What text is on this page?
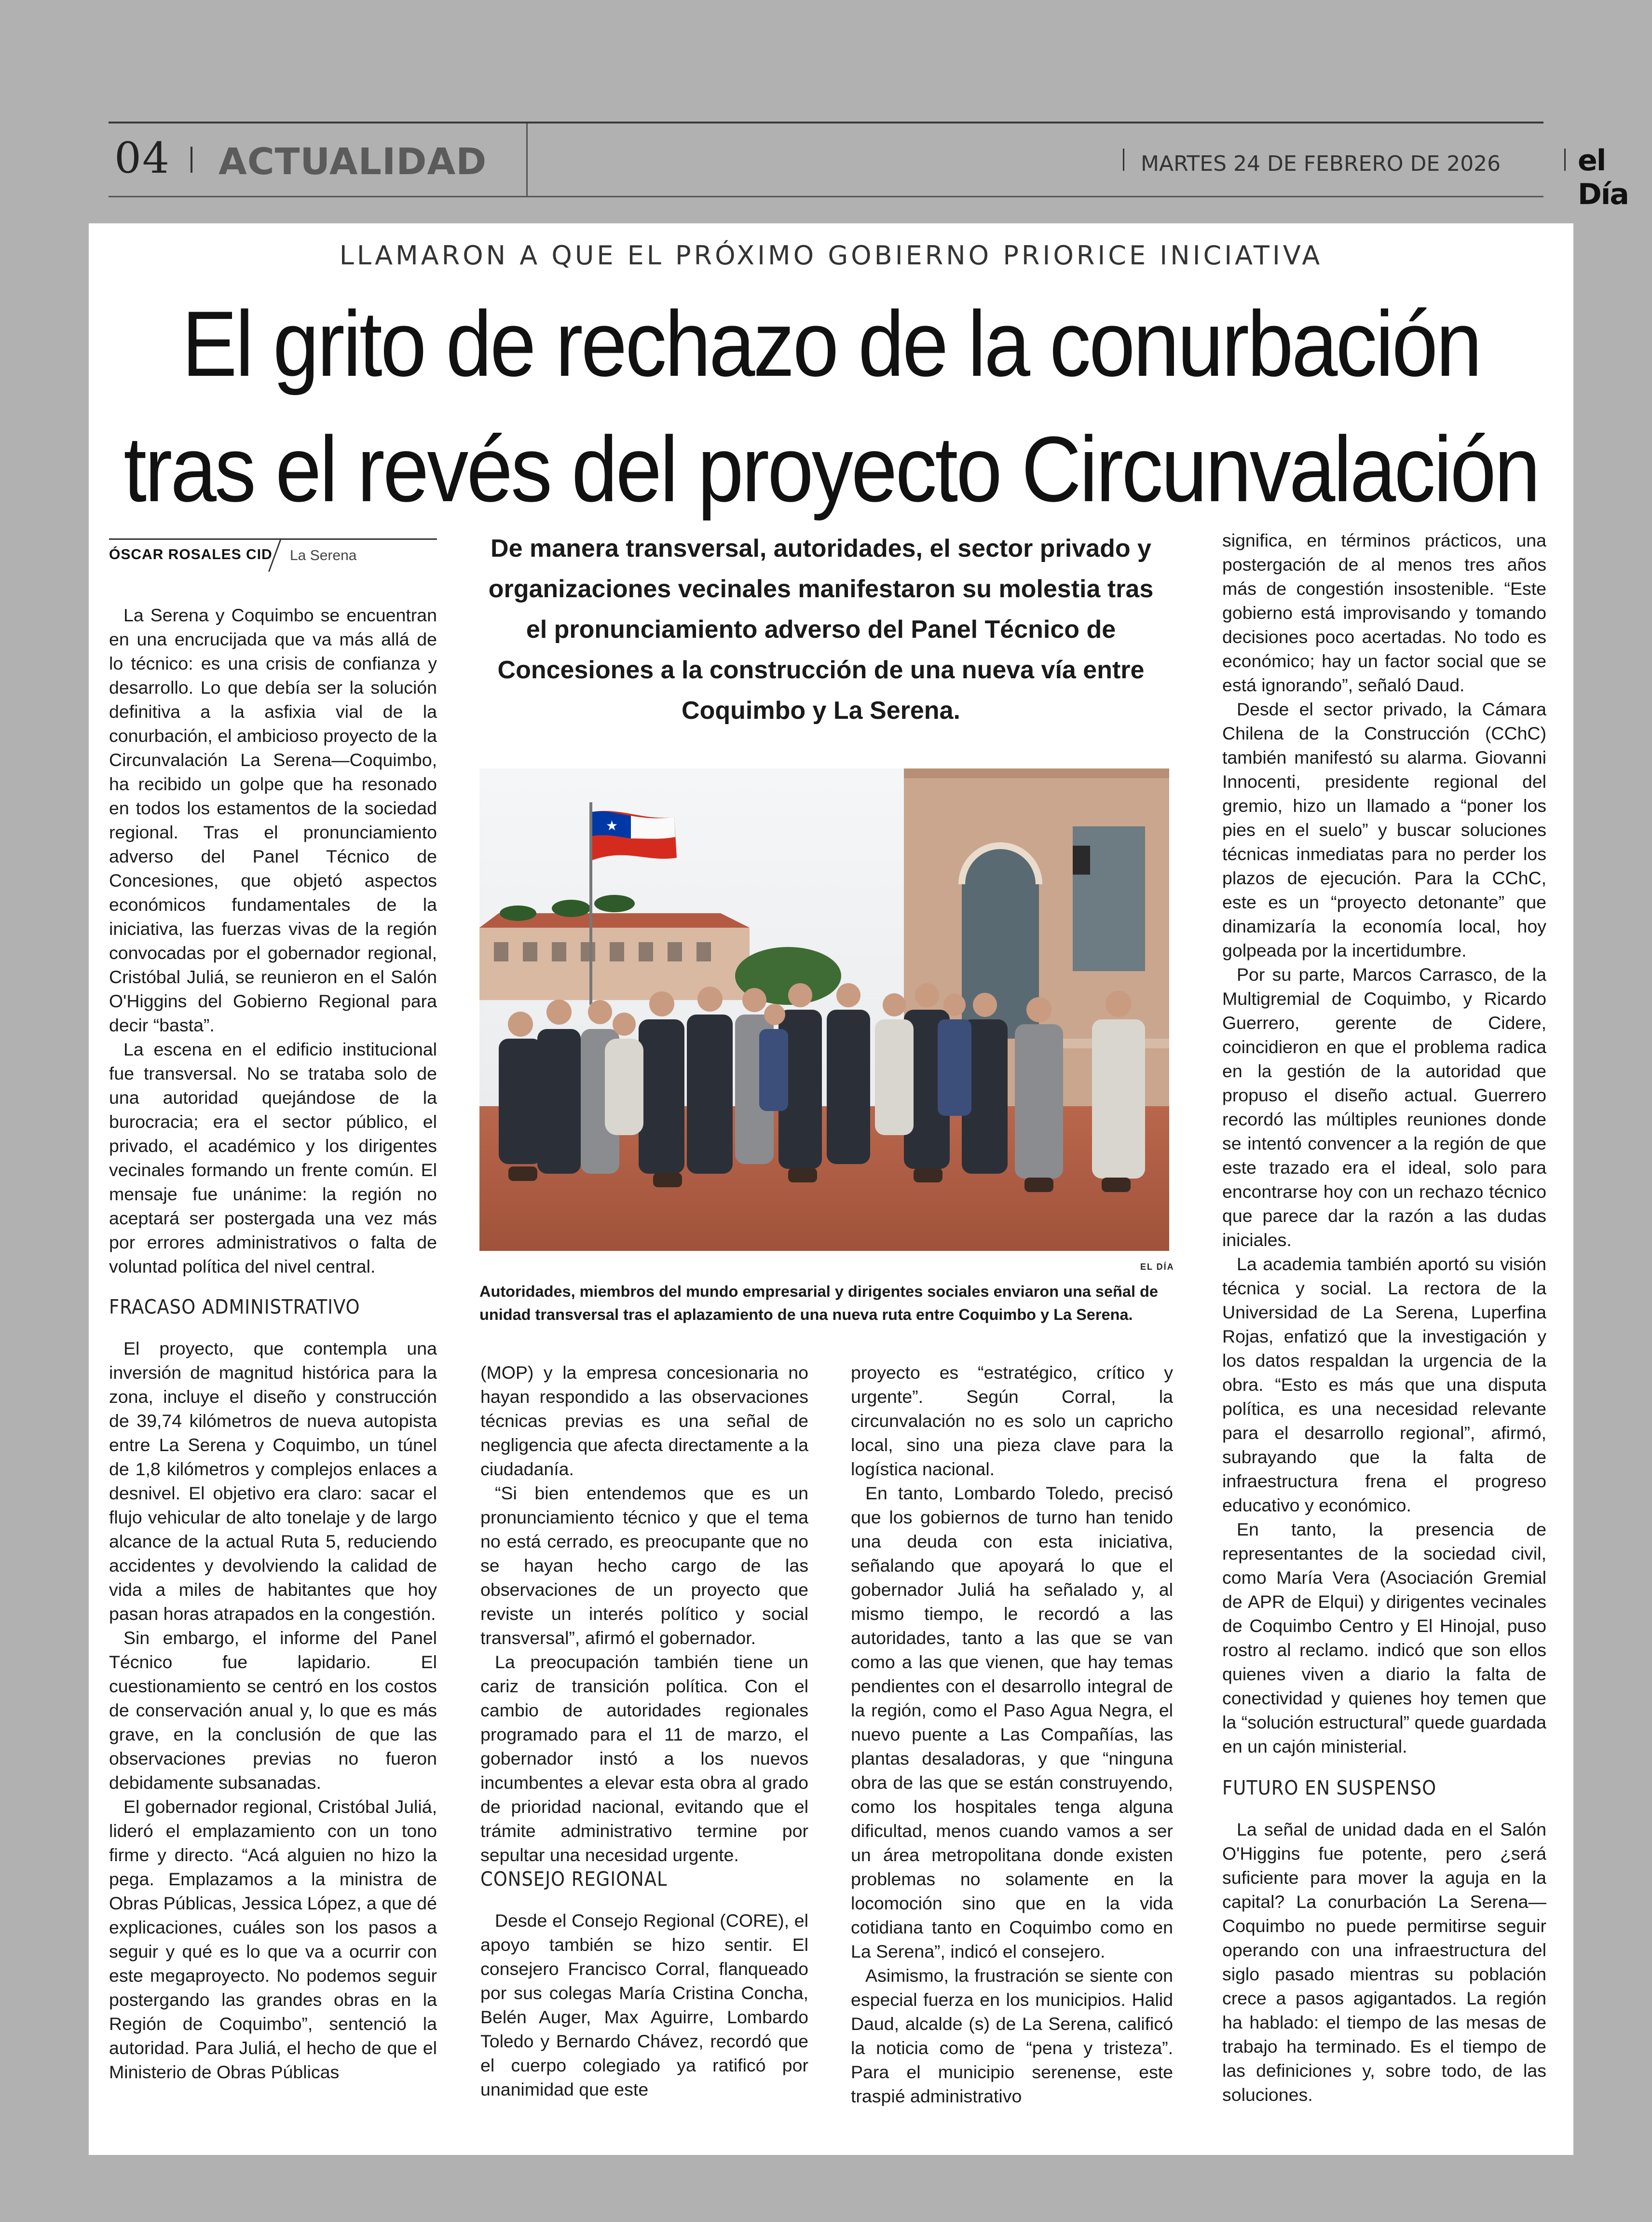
04 ACTUALIDAD	MARTES 24 DE FEBRERO DE 2026	el Día
LLAMARON A QUE EL PRÓXIMO GOBIERNO PRIORICE INICIATIVA
El grito de rechazo de la conurbación
tras el revés del proyecto Circunvalación
ÓSCAR ROSALES CID La Serena

La Serena y Coquimbo se encuentran en una encrucijada que va más allá de lo técnico: es una crisis de confianza y desarrollo. Lo que debía ser la solución definitiva a la asfixia vial de la conurbación, el ambicioso proyecto de la Circunvalación La Serena—Coquimbo, ha recibido un golpe que ha resonado en todos los estamentos de la sociedad regional. Tras el pronunciamiento adverso del Panel Técnico de Concesiones, que objetó aspectos económicos fundamentales de la iniciativa, las fuerzas vivas de la región convocadas por el gobernador regional, Cristóbal Juliá, se reunieron en el Salón O'Higgins del Gobierno Regional para decir “basta”.

La escena en el edificio institucional fue transversal. No se trataba solo de una autoridad quejándose de la burocracia; era el sector público, el privado, el académico y los dirigentes vecinales formando un frente común. El mensaje fue unánime: la región no aceptará ser postergada una vez más por errores administrativos o falta de voluntad política del nivel central.

FRACASO ADMINISTRATIVO

El proyecto, que contempla una inversión de magnitud histórica para la zona, incluye el diseño y construcción de 39,74 kilómetros de nueva autopista entre La Serena y Coquimbo, un túnel de 1,8 kilómetros y complejos enlaces a desnivel. El objetivo era claro: sacar el flujo vehicular de alto tonelaje y de largo alcance de la actual Ruta 5, reduciendo accidentes y devolviendo la calidad de vida a miles de habitantes que hoy pasan horas atrapados en la congestión.

Sin embargo, el informe del Panel Técnico fue lapidario. El cuestionamiento se centró en los costos de conservación anual y, lo que es más grave, en la conclusión de que las observaciones previas no fueron debidamente subsanadas.

El gobernador regional, Cristóbal Juliá, lideró el emplazamiento con un tono firme y directo. “Acá alguien no hizo la pega. Emplazamos a la ministra de Obras Públicas, Jessica López, a que dé explicaciones, cuáles son los pasos a seguir y qué es lo que va a ocurrir con este megaproyecto. No podemos seguir postergando las grandes obras en la Región de Coquimbo”, sentenció la autoridad. Para Juliá, el hecho de que el Ministerio de Obras Públicas

De manera transversal, autoridades, el sector privado y organizaciones vecinales manifestaron su molestia tras el pronunciamiento adverso del Panel Técnico de Concesiones a la construcción de una nueva vía entre Coquimbo y La Serena.
★
EL DÍA
Autoridades, miembros del mundo empresarial y dirigentes sociales enviaron una señal de unidad transversal tras el aplazamiento de una nueva ruta entre Coquimbo y La Serena.

(MOP) y la empresa concesionaria no hayan respondido a las observaciones técnicas previas es una señal de negligencia que afecta directamente a la ciudadanía.

“Si bien entendemos que es un pronunciamiento técnico y que el tema no está cerrado, es preocupante que no se hayan hecho cargo de las observaciones de un proyecto que reviste un interés político y social transversal”, afirmó el gobernador.

La preocupación también tiene un cariz de transición política. Con el cambio de autoridades regionales programado para el 11 de marzo, el gobernador instó a los nuevos incumbentes a elevar esta obra al grado de prioridad nacional, evitando que el trámite administrativo termine por sepultar una necesidad urgente.

CONSEJO REGIONAL

Desde el Consejo Regional (CORE), el apoyo también se hizo sentir. El consejero Francisco Corral, flanqueado por sus colegas María Cristina Concha, Belén Auger, Max Aguirre, Lombardo Toledo y Bernardo Chávez, recordó que el cuerpo colegiado ya ratificó por unanimidad que este

proyecto es “estratégico, crítico y urgente”. Según Corral, la circunvalación no es solo un capricho local, sino una pieza clave para la logística nacional.

En tanto, Lombardo Toledo, precisó que los gobiernos de turno han tenido una deuda con esta iniciativa, señalando que apoyará lo que el gobernador Juliá ha señalado y, al mismo tiempo, le recordó a las autoridades, tanto a las que se van como a las que vienen, que hay temas pendientes con el desarrollo integral de la región, como el Paso Agua Negra, el nuevo puente a Las Compañías, las plantas desaladoras, y que “ninguna obra de las que se están construyendo, como los hospitales tenga alguna dificultad, menos cuando vamos a ser un área metropolitana donde existen problemas no solamente en la locomoción sino que en la vida cotidiana tanto en Coquimbo como en La Serena”, indicó el consejero.

Asimismo, la frustración se siente con especial fuerza en los municipios. Halid Daud, alcalde (s) de La Serena, calificó la noticia como de “pena y tristeza”. Para el municipio serenense, este traspié administrativo

significa, en términos prácticos, una postergación de al menos tres años más de congestión insostenible. “Este gobierno está improvisando y tomando decisiones poco acertadas. No todo es económico; hay un factor social que se está ignorando”, señaló Daud.

Desde el sector privado, la Cámara Chilena de la Construcción (CChC) también manifestó su alarma. Giovanni Innocenti, presidente regional del gremio, hizo un llamado a “poner los pies en el suelo” y buscar soluciones técnicas inmediatas para no perder los plazos de ejecución. Para la CChC, este es un “proyecto detonante” que dinamizaría la economía local, hoy golpeada por la incertidumbre.

Por su parte, Marcos Carrasco, de la Multigremial de Coquimbo, y Ricardo Guerrero, gerente de Cidere, coincidieron en que el problema radica en la gestión de la autoridad que propuso el diseño actual. Guerrero recordó las múltiples reuniones donde se intentó convencer a la región de que este trazado era el ideal, solo para encontrarse hoy con un rechazo técnico que parece dar la razón a las dudas iniciales.

La academia también aportó su visión técnica y social. La rectora de la Universidad de La Serena, Luperfina Rojas, enfatizó que la investigación y los datos respaldan la urgencia de la obra. “Esto es más que una disputa política, es una necesidad relevante para el desarrollo regional”, afirmó, subrayando que la falta de infraestructura frena el progreso educativo y económico.

En tanto, la presencia de representantes de la sociedad civil, como María Vera (Asociación Gremial de APR de Elqui) y dirigentes vecinales de Coquimbo Centro y El Hinojal, puso rostro al reclamo. indicó que son ellos quienes viven a diario la falta de conectividad y quienes hoy temen que la “solución estructural” quede guardada en un cajón ministerial.

FUTURO EN SUSPENSO

La señal de unidad dada en el Salón O'Higgins fue potente, pero ¿será suficiente para mover la aguja en la capital? La conurbación La Serena—Coquimbo no puede permitirse seguir operando con una infraestructura del siglo pasado mientras su población crece a pasos agigantados. La región ha hablado: el tiempo de las mesas de trabajo ha terminado. Es el tiempo de las definiciones y, sobre todo, de las soluciones.
